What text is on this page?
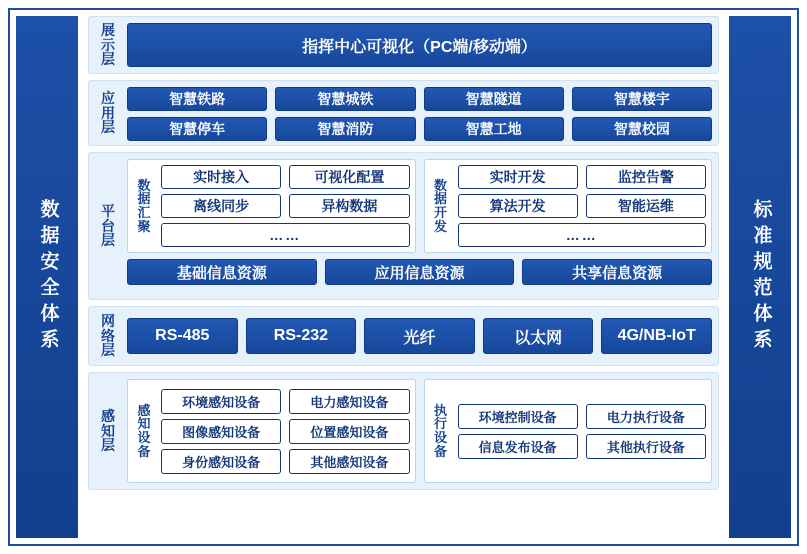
数据安全体系
展示层
指挥中心可视化（PC端/移动端）
应用层
智慧铁路	智慧城铁	智慧隧道	智慧楼宇
智慧停车	智慧消防	智慧工地	智慧校园
平台层
数据汇聚
实时接入	可视化配置
离线同步	异构数据
……
数据开发
实时开发	监控告警
算法开发	智能运维
……
基础信息资源	应用信息资源	共享信息资源
网络层
RS-485	RS-232	光纤	以太网	4G/NB-IoT
感知层
感知设备
环境感知设备	电力感知设备
图像感知设备	位置感知设备
身份感知设备	其他感知设备
执行设备
环境控制设备	电力执行设备
信息发布设备	其他执行设备
标准规范体系
